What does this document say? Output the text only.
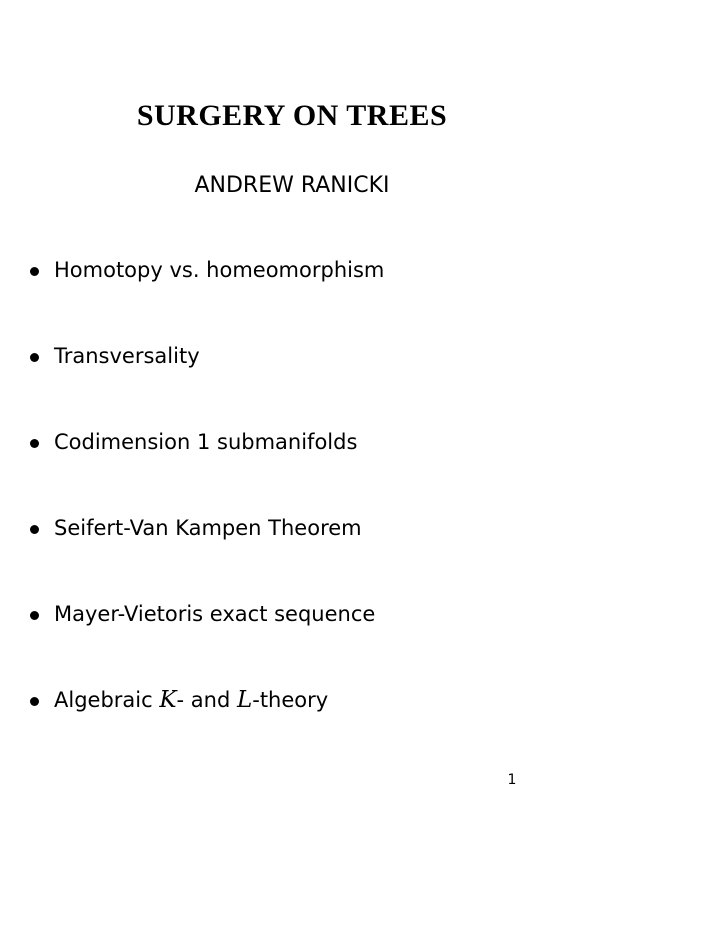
SURGERY ON TREES
ANDREW RANICKI
Homotopy vs. homeomorphism
Transversality
Codimension 1 submanifolds
Seifert-Van Kampen Theorem
Mayer-Vietoris exact sequence
Algebraic K- and L-theory
1
